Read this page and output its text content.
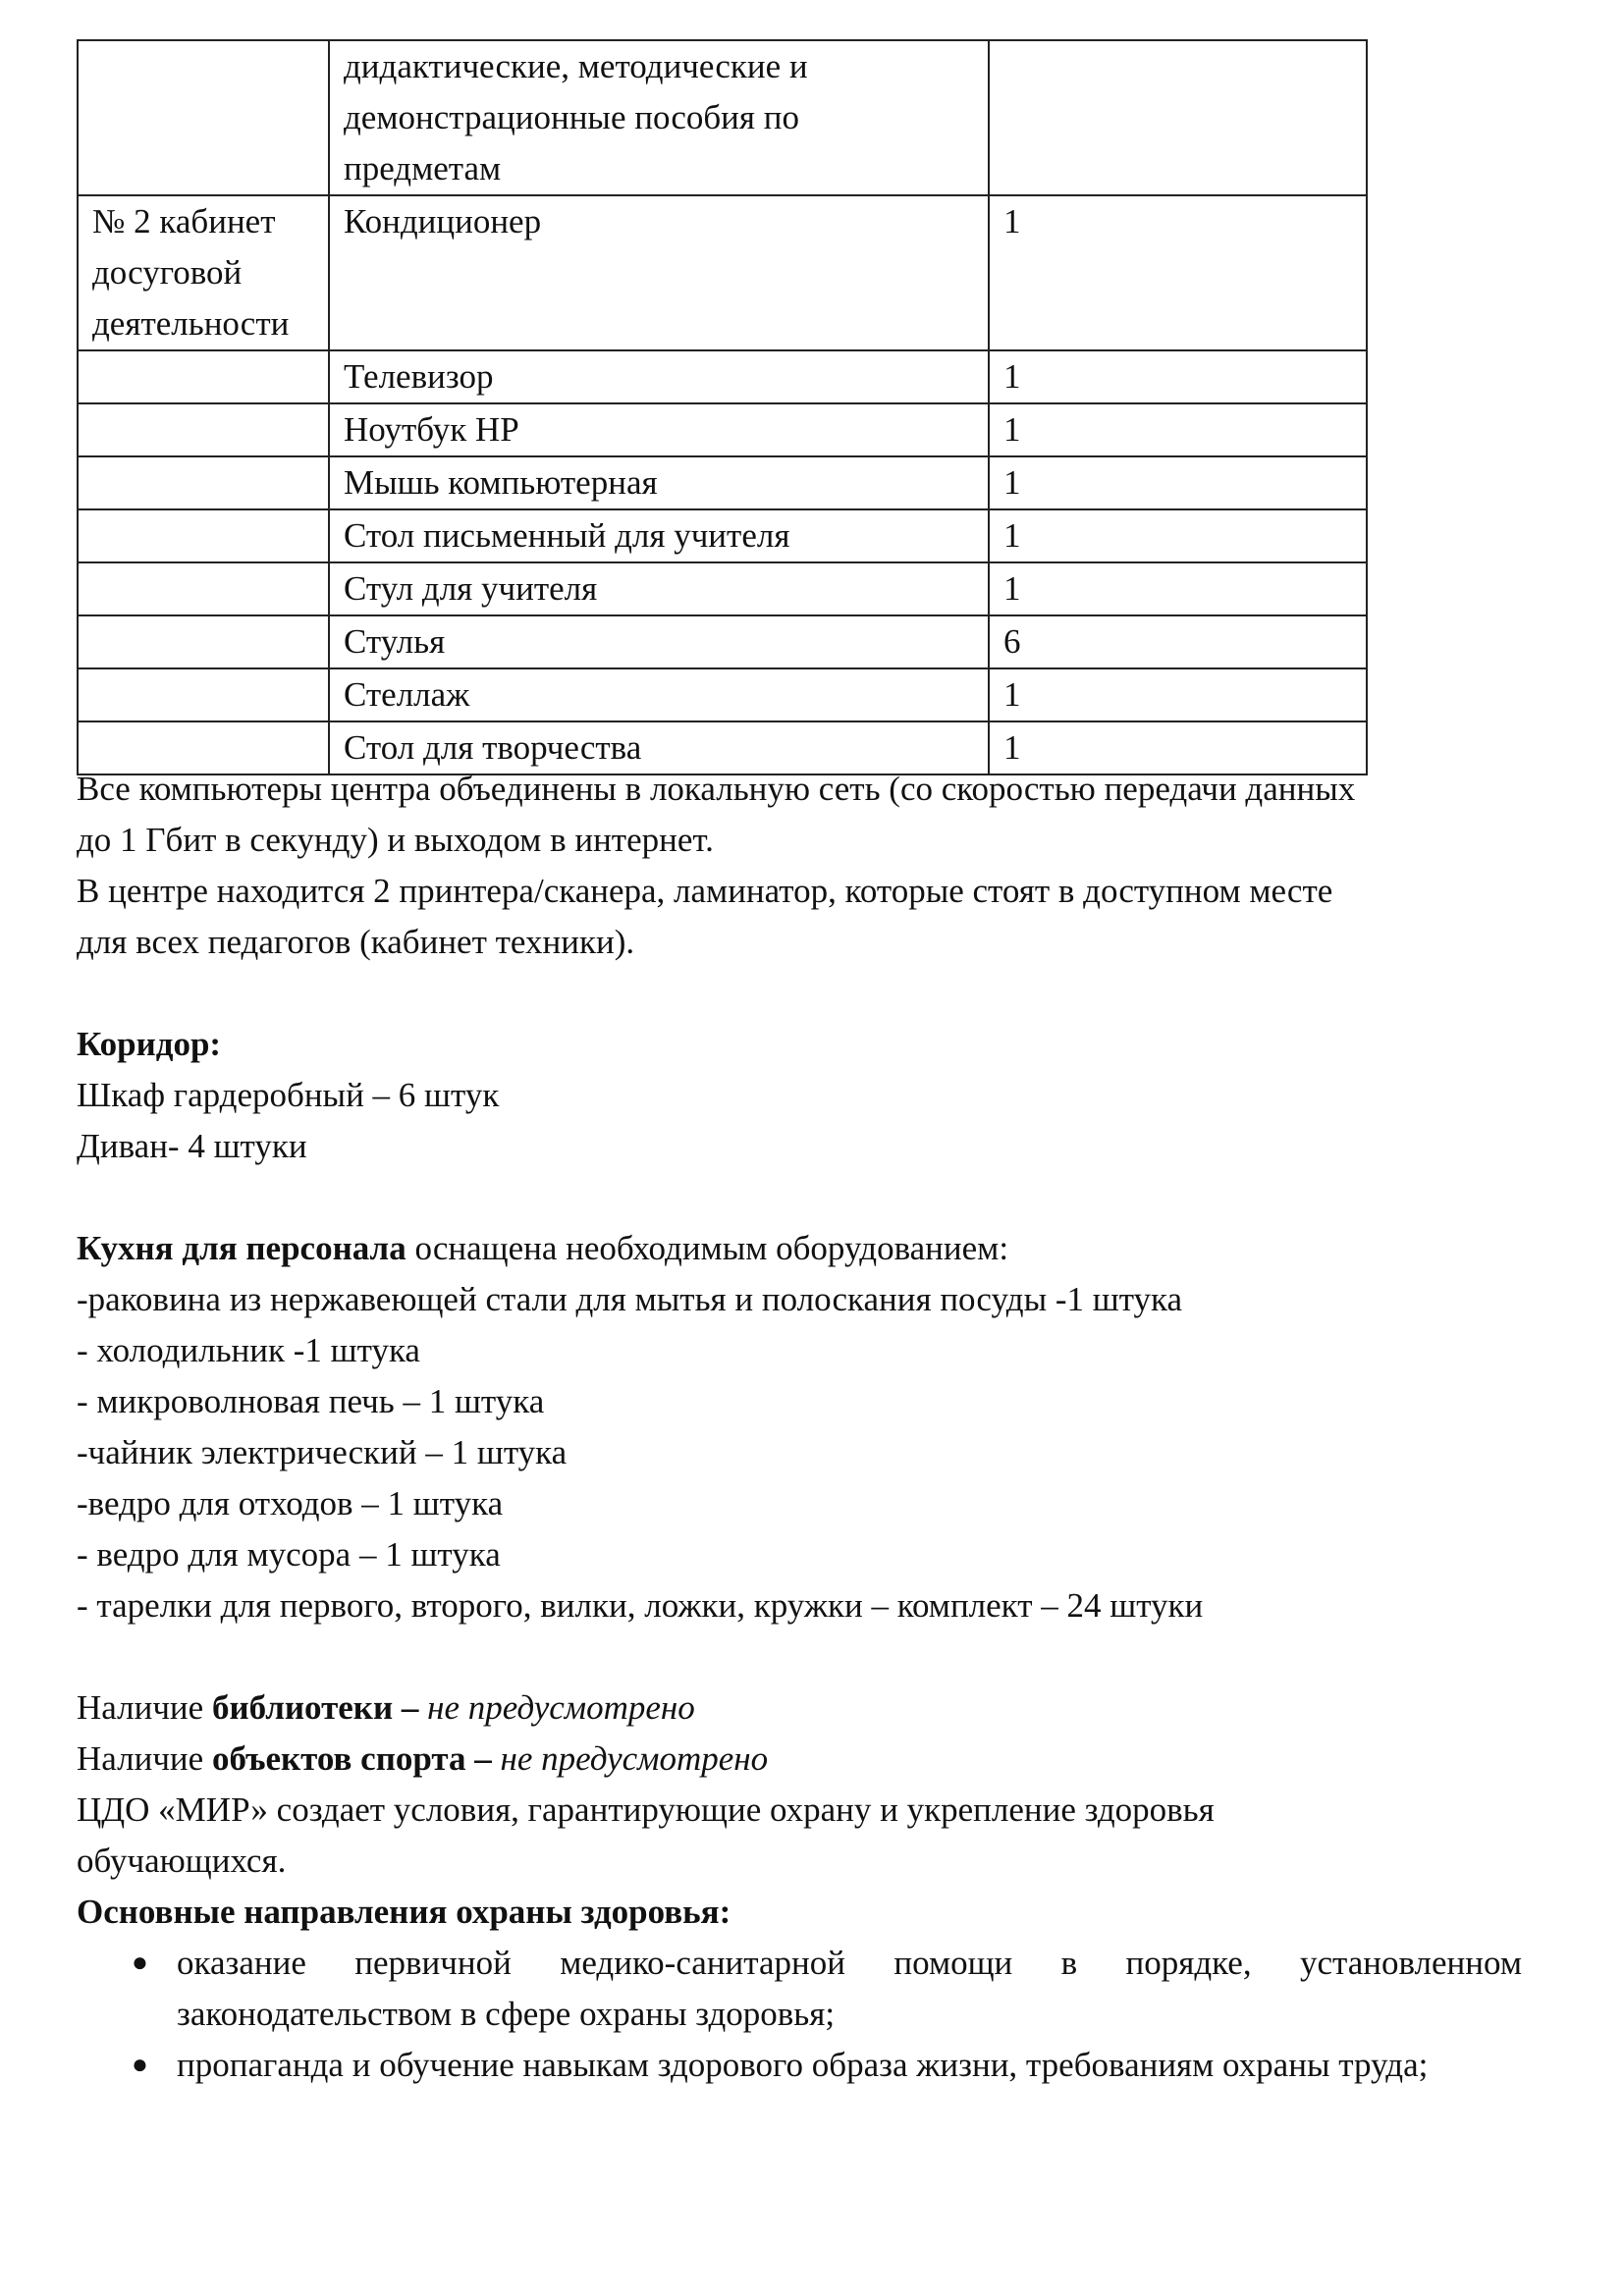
	дидактические, методические и демонстрационные пособия по предметам	
№ 2 кабинет досуговой деятельности	Кондиционер	1
	Телевизор	1
	Ноутбук HP	1
	Мышь компьютерная	1
	Стол письменный для учителя	1
	Стул для учителя	1
	Стулья	6
	Стеллаж	1
	Стол для творчества	1
Все компьютеры центра объединены в локальную сеть (со скоростью передачи данных
до 1 Гбит в секунду) и выходом в интернет.
В центре находится 2 принтера/сканера, ламинатор, которые стоят в доступном месте
для всех педагогов (кабинет техники).
Коридор:
Шкаф гардеробный – 6 штук
Диван- 4 штуки
Кухня для персонала оснащена необходимым оборудованием:
-раковина из нержавеющей стали для мытья и полоскания посуды -1 штука
- холодильник -1 штука
- микроволновая печь – 1 штука
-чайник электрический – 1 штука
-ведро для отходов – 1 штука
- ведро для мусора – 1 штука
- тарелки для первого, второго, вилки, ложки, кружки – комплект – 24 штуки
Наличие библиотеки – не предусмотрено
Наличие объектов спорта – не предусмотрено
ЦДО «МИР» создает условия, гарантирующие охрану и укрепление здоровья
обучающихся.
Основные направления охраны здоровья:
● оказание первичной медико-санитарной помощи в порядке, установленном законодательством в сфере охраны здоровья;
● пропаганда и обучение навыкам здорового образа жизни, требованиям охраны труда;
